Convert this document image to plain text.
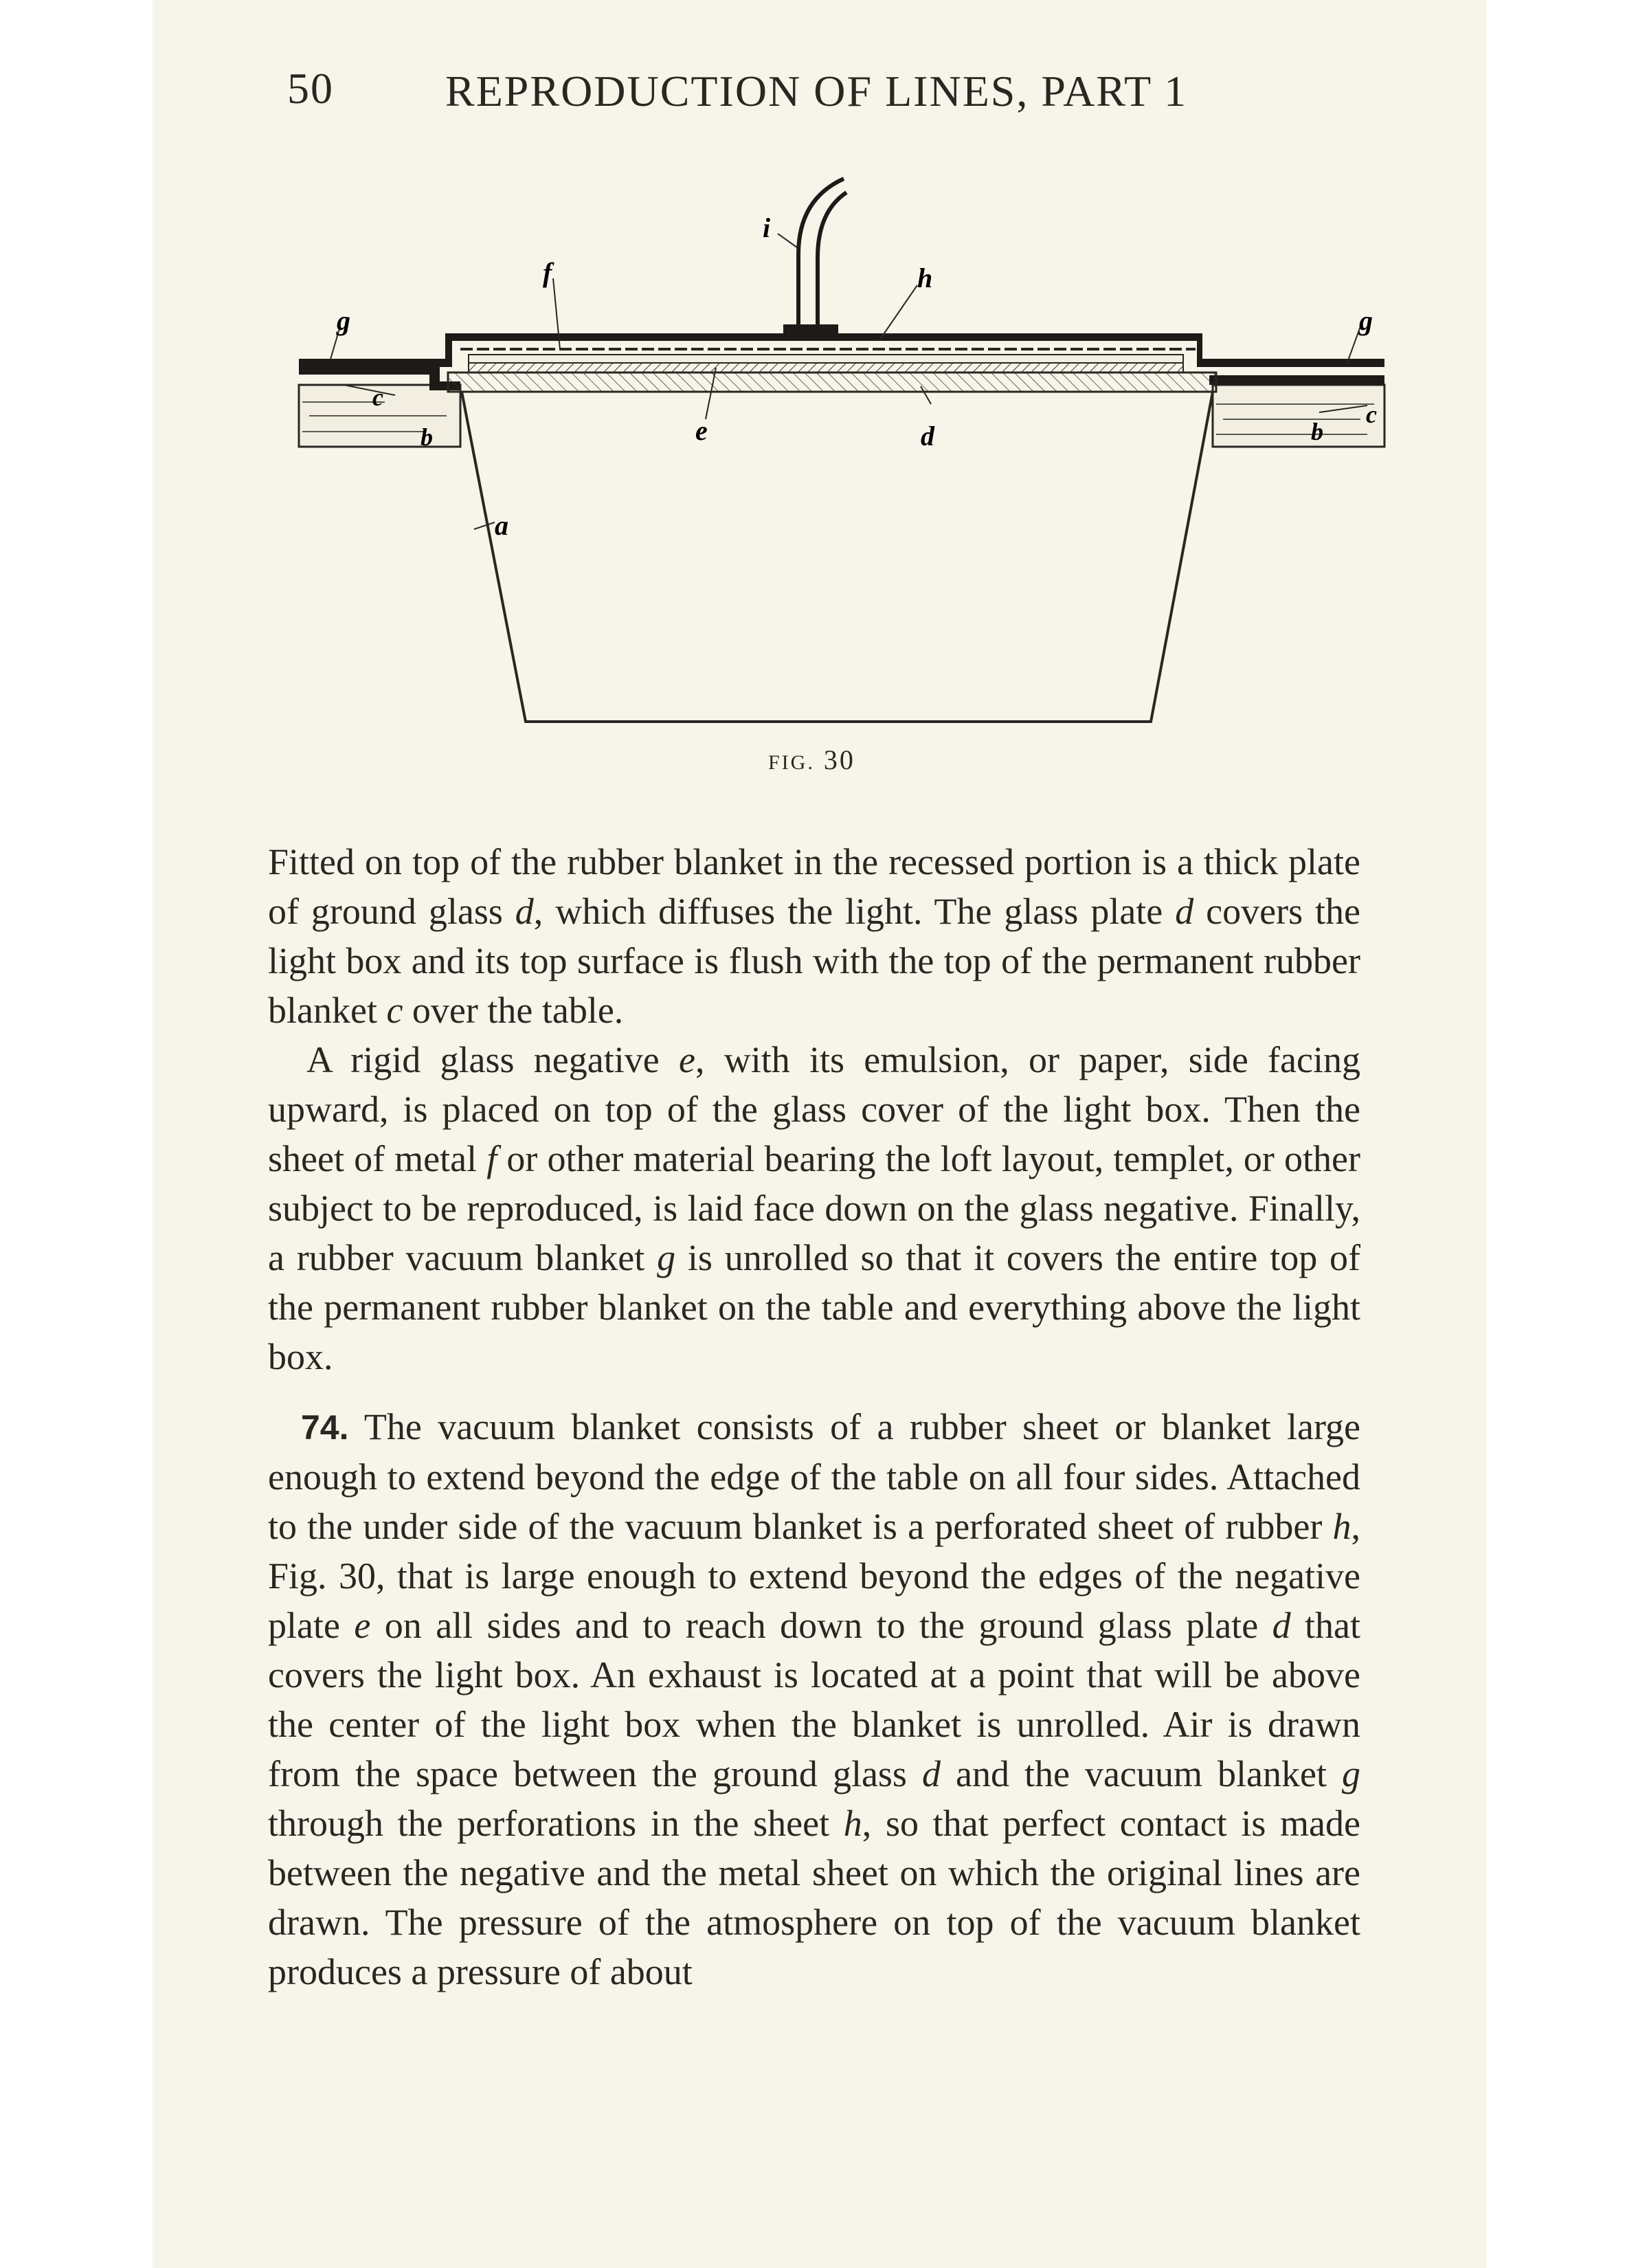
50	REPRODUCTION OF LINES, PART 1
i
f	h
g	g
c
c
b	b
e	d
a
FIG. 30

Fitted on top of the rubber blanket in the recessed portion is a thick plate of ground glass d, which diffuses the light. The glass plate d covers the light box and its top surface is flush with the top of the permanent rubber blanket c over the table.

A rigid glass negative e, with its emulsion, or paper, side facing upward, is placed on top of the glass cover of the light box. Then the sheet of metal f or other material bearing the loft layout, templet, or other subject to be reproduced, is laid face down on the glass negative. Finally, a rubber vacuum blanket g is unrolled so that it covers the entire top of the permanent rubber blanket on the table and everything above the light box.

74. The vacuum blanket consists of a rubber sheet or blanket large enough to extend beyond the edge of the table on all four sides. Attached to the under side of the vacuum blanket is a perforated sheet of rubber h, Fig. 30, that is large enough to extend beyond the edges of the negative plate e on all sides and to reach down to the ground glass plate d that covers the light box. An exhaust is located at a point that will be above the center of the light box when the blanket is unrolled. Air is drawn from the space between the ground glass d and the vacuum blanket g through the perforations in the sheet h, so that perfect contact is made between the negative and the metal sheet on which the original lines are drawn. The pressure of the atmosphere on top of the vacuum blanket produces a pressure of about
